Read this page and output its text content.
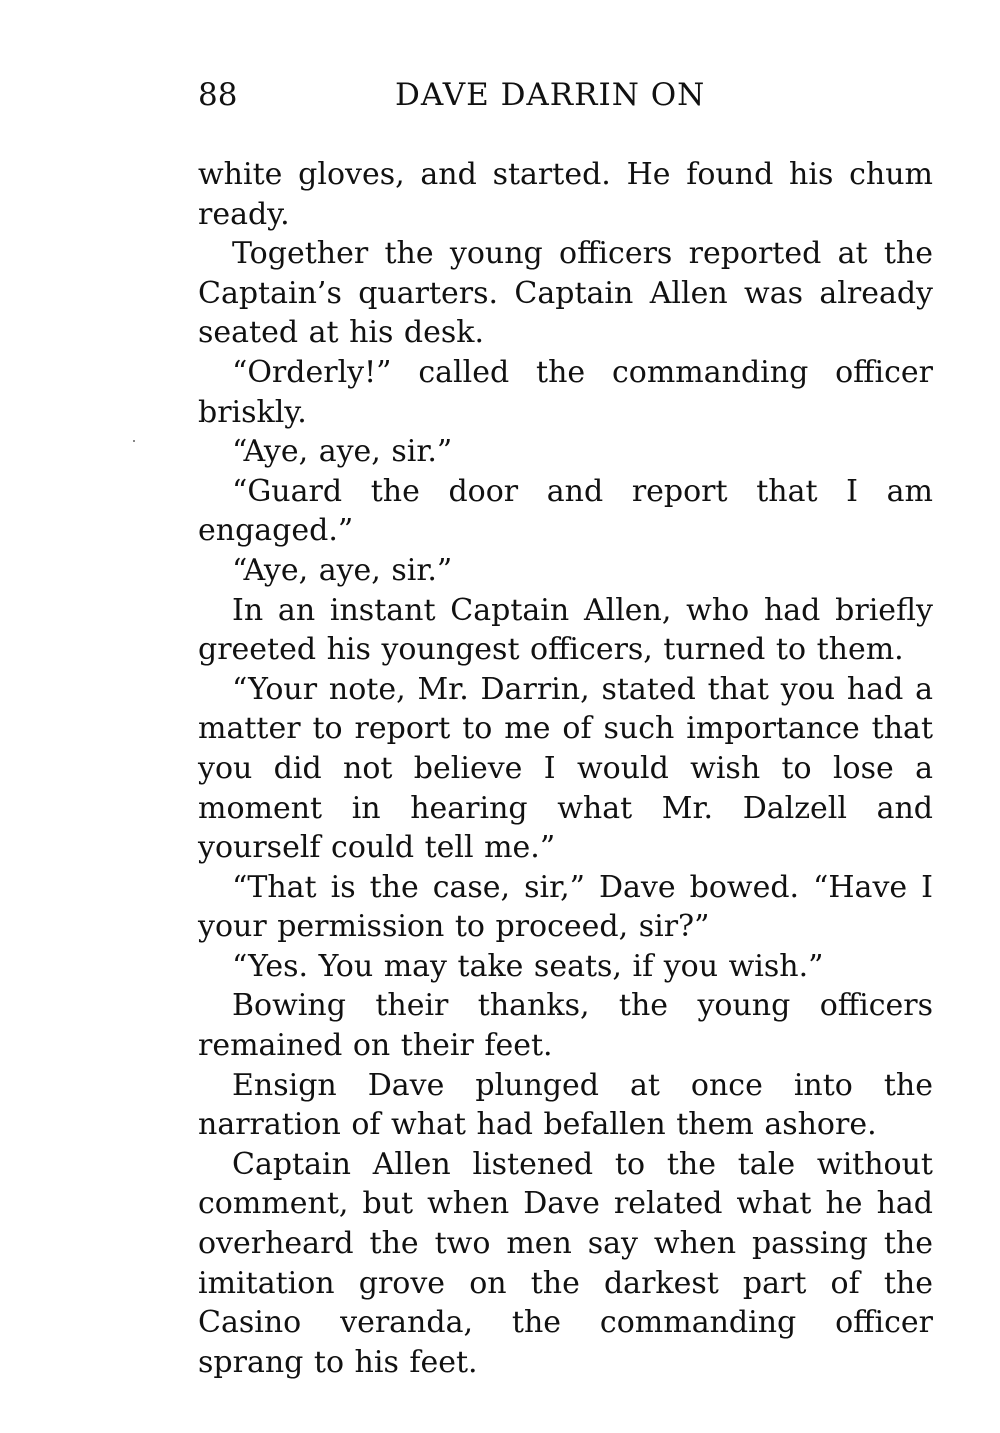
88	DAVE DARRIN ON

white gloves, and started. He found his chum ready.

Together the young officers reported at the Captain’s quarters. Captain Allen was already seated at his desk.

“Orderly!” called the commanding officer briskly.

“Aye, aye, sir.”

“Guard the door and report that I am engaged.”

“Aye, aye, sir.”

In an instant Captain Allen, who had briefly greeted his youngest officers, turned to them.

“Your note, Mr. Darrin, stated that you had a matter to report to me of such importance that you did not believe I would wish to lose a moment in hearing what Mr. Dalzell and yourself could tell me.”

“That is the case, sir,” Dave bowed. “Have I your permission to proceed, sir?”

“Yes. You may take seats, if you wish.”

Bowing their thanks, the young officers remained on their feet.

Ensign Dave plunged at once into the narration of what had befallen them ashore.

Captain Allen listened to the tale without comment, but when Dave related what he had overheard the two men say when passing the imitation grove on the darkest part of the Casino veranda, the commanding officer sprang to his feet.
